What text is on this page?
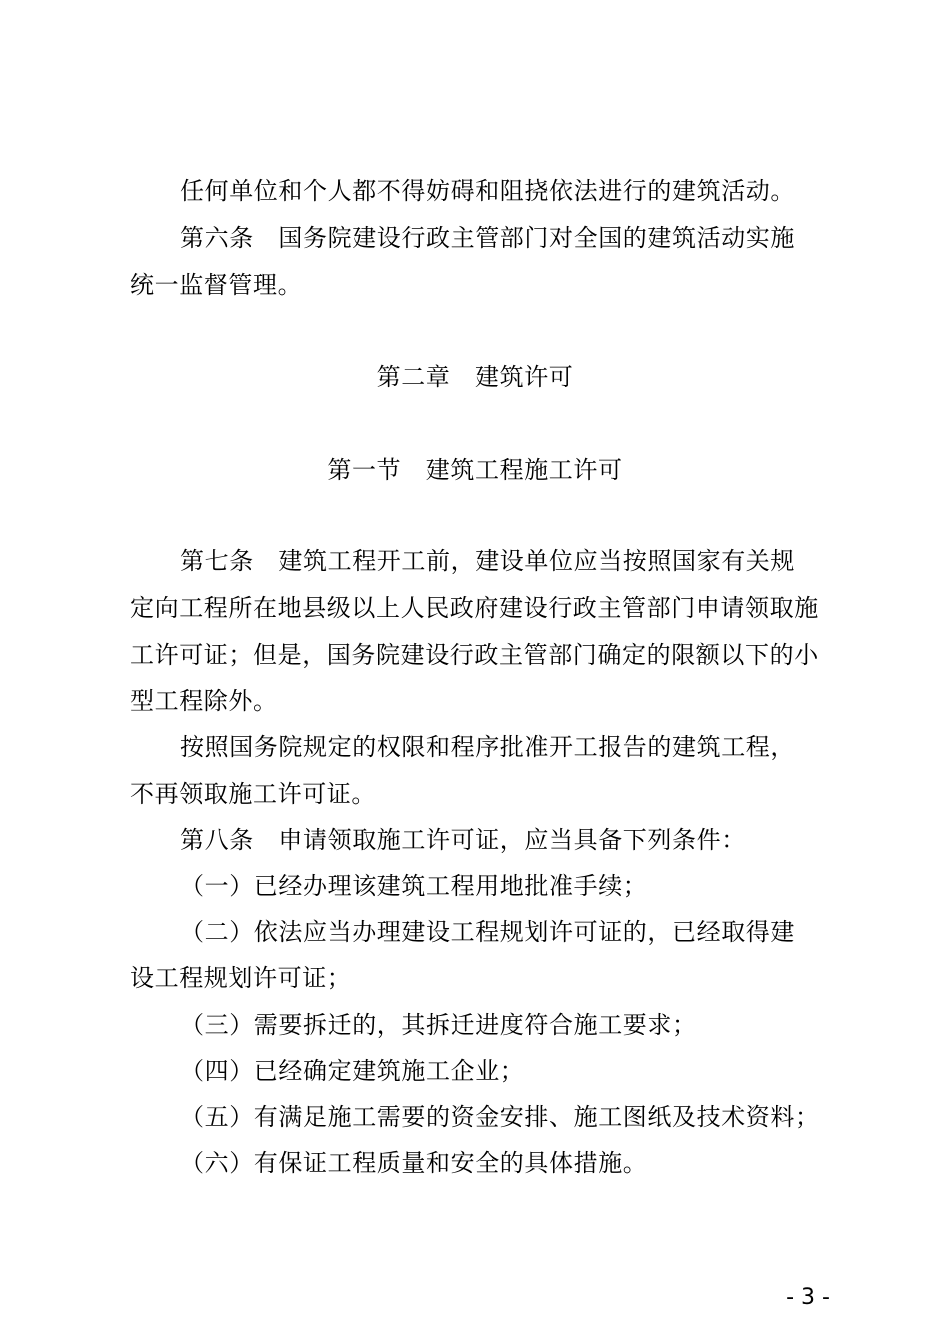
任何单位和个人都不得妨碍和阻挠依法进行的建筑活动。
第六条　国务院建设行政主管部门对全国的建筑活动实施
统一监督管理。
第二章　建筑许可
第一节　建筑工程施工许可
第七条　建筑工程开工前，建设单位应当按照国家有关规
定向工程所在地县级以上人民政府建设行政主管部门申请领取施
工许可证；但是，国务院建设行政主管部门确定的限额以下的小
型工程除外。
按照国务院规定的权限和程序批准开工报告的建筑工程，
不再领取施工许可证。
第八条　申请领取施工许可证，应当具备下列条件：
（一）已经办理该建筑工程用地批准手续；
（二）依法应当办理建设工程规划许可证的，已经取得建
设工程规划许可证；
（三）需要拆迁的，其拆迁进度符合施工要求；
（四）已经确定建筑施工企业；
（五）有满足施工需要的资金安排、施工图纸及技术资料；
（六）有保证工程质量和安全的具体措施。
- 3 -
